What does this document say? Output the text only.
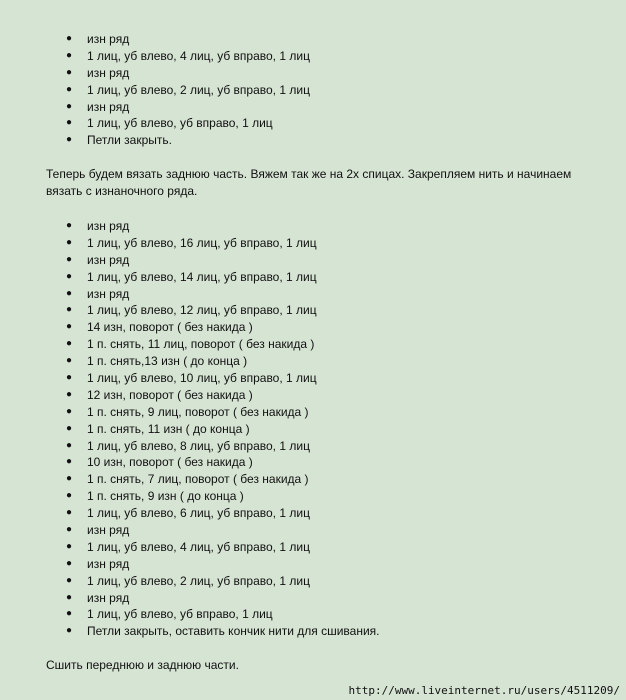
● изн ряд
● 1 лиц, уб влево, 4 лиц, уб вправо, 1 лиц
● изн ряд
● 1 лиц, уб влево, 2 лиц, уб вправо, 1 лиц
● изн ряд
● 1 лиц, уб влево, уб вправо, 1 лиц
● Петли закрыть.

Теперь будем вязать заднюю часть. Вяжем так же на 2х спицах. Закрепляем нить и начинаем вязать с изнаночного ряда.

● изн ряд
● 1 лиц, уб влево, 16 лиц, уб вправо, 1 лиц
● изн ряд
● 1 лиц, уб влево, 14 лиц, уб вправо, 1 лиц
● изн ряд
● 1 лиц, уб влево, 12 лиц, уб вправо, 1 лиц
● 14 изн, поворот ( без накида )
● 1 п. снять, 11 лиц, поворот ( без накида )
● 1 п. снять,13 изн ( до конца )
● 1 лиц, уб влево, 10 лиц, уб вправо, 1 лиц
● 12 изн, поворот ( без накида )
● 1 п. снять, 9 лиц, поворот ( без накида )
● 1 п. снять, 11 изн ( до конца )
● 1 лиц, уб влево, 8 лиц, уб вправо, 1 лиц
● 10 изн, поворот ( без накида )
● 1 п. снять, 7 лиц, поворот ( без накида )
● 1 п. снять, 9 изн ( до конца )
● 1 лиц, уб влево, 6 лиц, уб вправо, 1 лиц
● изн ряд
● 1 лиц, уб влево, 4 лиц, уб вправо, 1 лиц
● изн ряд
● 1 лиц, уб влево, 2 лиц, уб вправо, 1 лиц
● изн ряд
● 1 лиц, уб влево, уб вправо, 1 лиц
● Петли закрыть, оставить кончик нити для сшивания.

Сшить переднюю и заднюю части.

http://www.liveinternet.ru/users/4511209/
